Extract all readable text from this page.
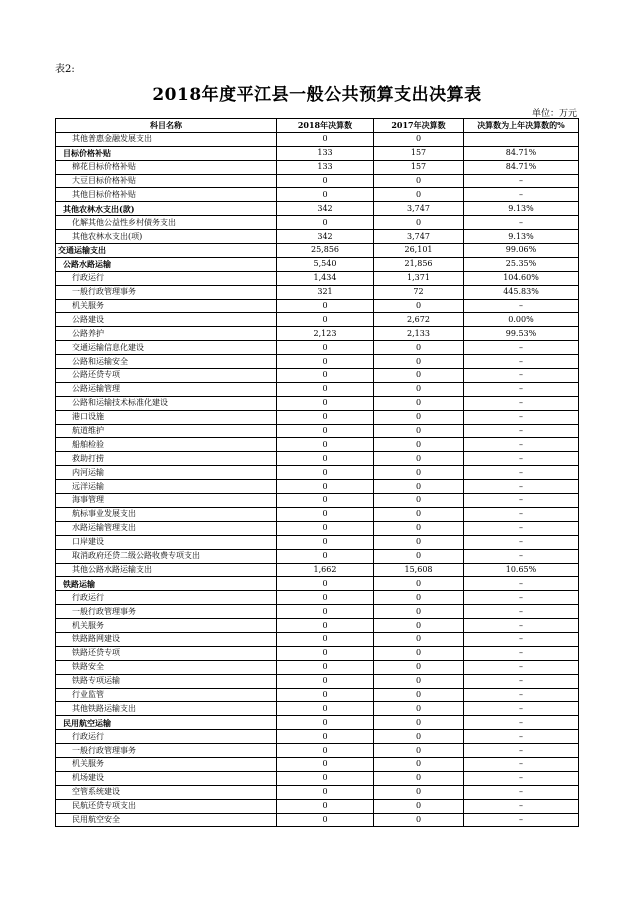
表2:
2018年度平江县一般公共预算支出决算表
单位：万元
科目名称	2018年决算数	2017年决算数	决算数为上年决算数的%
其他普惠金融发展支出	0	0	
目标价格补贴	133	157	84.71%
棉花目标价格补贴	133	157	84.71%
大豆目标价格补贴	0	0	–
其他目标价格补贴	0	0	–
其他农林水支出(款)	342	3,747	9.13%
化解其他公益性乡村债务支出	0	0	–
其他农林水支出(项)	342	3,747	9.13%
交通运输支出	25,856	26,101	99.06%
公路水路运输	5,540	21,856	25.35%
行政运行	1,434	1,371	104.60%
一般行政管理事务	321	72	445.83%
机关服务	0	0	–
公路建设	0	2,672	0.00%
公路养护	2,123	2,133	99.53%
交通运输信息化建设	0	0	–
公路和运输安全	0	0	–
公路还贷专项	0	0	–
公路运输管理	0	0	–
公路和运输技术标准化建设	0	0	–
港口设施	0	0	–
航道维护	0	0	–
船舶检验	0	0	–
救助打捞	0	0	–
内河运输	0	0	–
远洋运输	0	0	–
海事管理	0	0	–
航标事业发展支出	0	0	–
水路运输管理支出	0	0	–
口岸建设	0	0	–
取消政府还贷二级公路收费专项支出	0	0	–
其他公路水路运输支出	1,662	15,608	10.65%
铁路运输	0	0	–
行政运行	0	0	–
一般行政管理事务	0	0	–
机关服务	0	0	–
铁路路网建设	0	0	–
铁路还贷专项	0	0	–
铁路安全	0	0	–
铁路专项运输	0	0	–
行业监管	0	0	–
其他铁路运输支出	0	0	–
民用航空运输	0	0	–
行政运行	0	0	–
一般行政管理事务	0	0	–
机关服务	0	0	–
机场建设	0	0	–
空管系统建设	0	0	–
民航还贷专项支出	0	0	–
民用航空安全	0	0	–
